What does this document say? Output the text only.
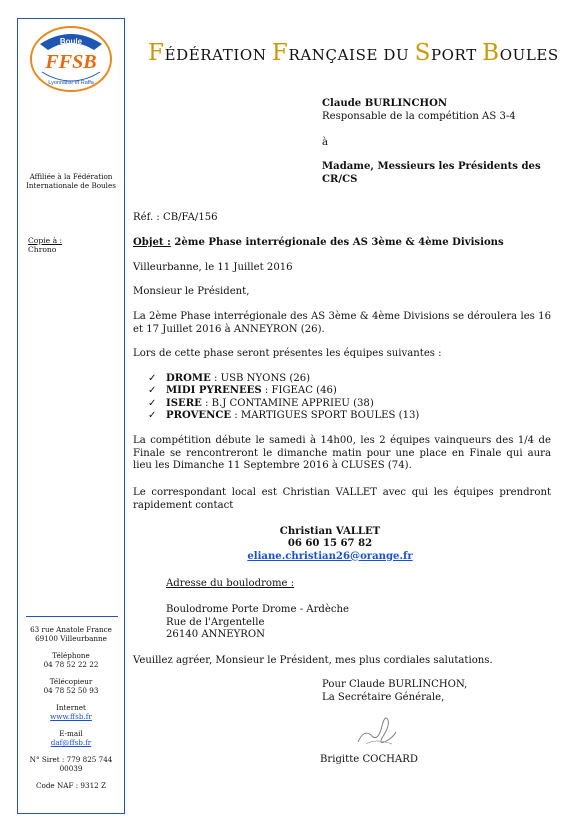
Boule
FFSB
Lyonnaise et Raffa
FÉDÉRATION FRANÇAISE DU SPORT BOULES
Affiliée à la Fédération Internationale de Boules
Copie à :
Chrono
63 rue Anatole France 69100 Villeurbanne
Téléphone
04 78 52 22 22
Télécopieur
04 78 52 50 93
Internet
www.ffsb.fr
E-mail
daf@ffsb.fr
N° Siret : 779 825 744 00039
Code NAF : 9312 Z
Claude BURLINCHON
Responsable de la compétition AS 3-4
à
Madame, Messieurs les Présidents des CR/CS
Réf. : CB/FA/156
Objet : 2ème Phase interrégionale des AS 3ème & 4ème Divisions
Villeurbanne, le 11 Juillet 2016
Monsieur le Président,
La 2ème Phase interrégionale des AS 3ème & 4ème Divisions se déroulera les 16 et 17 Juillet 2016 à ANNEYRON (26).
Lors de cette phase seront présentes les équipes suivantes :
✓ DROME : USB NYONS (26)
✓ MIDI PYRENEES : FIGEAC (46)
✓ ISERE : B.J CONTAMINE APPRIEU (38)
✓ PROVENCE : MARTIGUES SPORT BOULES (13)
La compétition débute le samedi à 14h00, les 2 équipes vainqueurs des 1/4 de Finale se rencontreront le dimanche matin pour une place en Finale qui aura lieu les Dimanche 11 Septembre 2016 à CLUSES (74).
Le correspondant local est Christian VALLET avec qui les équipes prendront rapidement contact
Christian VALLET
06 60 15 67 82
eliane.christian26@orange.fr
Adresse du boulodrome :
Boulodrome Porte Drome - Ardèche
Rue de l'Argentelle
26140 ANNEYRON
Veuillez agréer, Monsieur le Président, mes plus cordiales salutations.
Pour Claude BURLINCHON,
La Secrétaire Générale,
Brigitte COCHARD
